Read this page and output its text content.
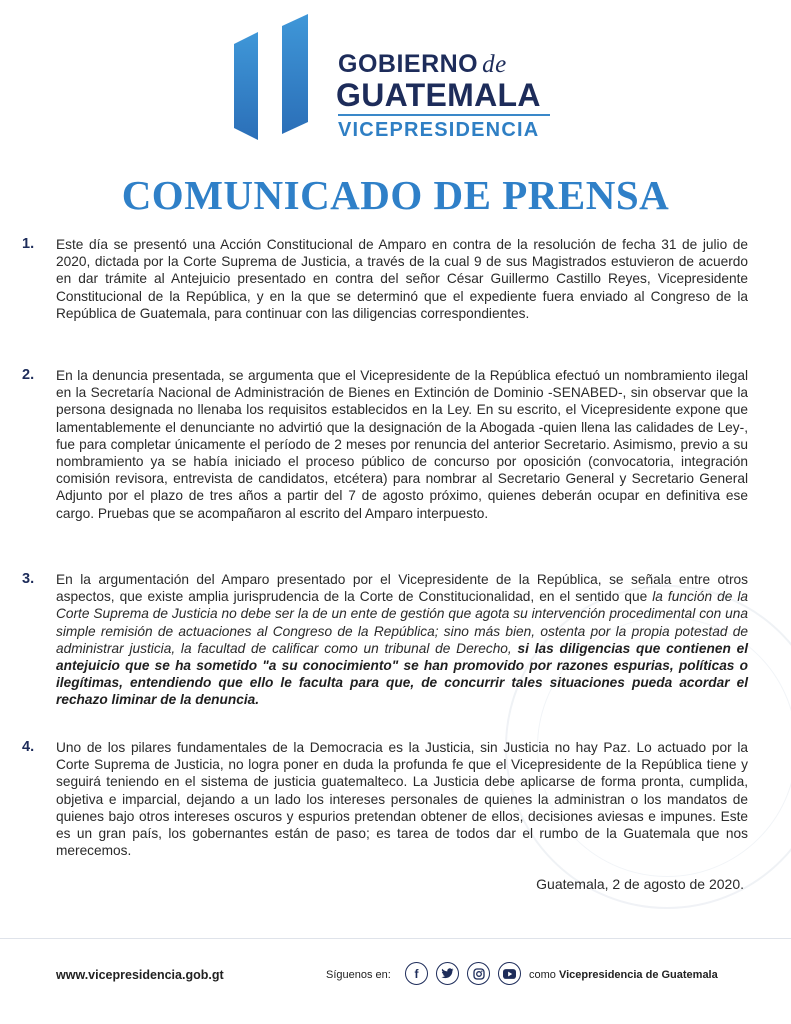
GOBIERNO de
GUATEMALA
VICEPRESIDENCIA
COMUNICADO DE PRENSA
1. Este día se presentó una Acción Constitucional de Amparo en contra de la resolución de fecha 31 de julio de 2020, dictada por la Corte Suprema de Justicia, a través de la cual 9 de sus Magistrados estuvieron de acuerdo en dar trámite al Antejuicio presentado en contra del señor César Guillermo Castillo Reyes, Vicepresidente Constitucional de la República, y en la que se determinó que el expediente fuera enviado al Congreso de la República de Guatemala, para continuar con las diligencias correspondientes.
2. En la denuncia presentada, se argumenta que el Vicepresidente de la República efectuó un nombramiento ilegal en la Secretaría Nacional de Administración de Bienes en Extinción de Dominio -SENABED-, sin observar que la persona designada no llenaba los requisitos establecidos en la Ley. En su escrito, el Vicepresidente expone que lamentablemente el denunciante no advirtió que la designación de la Abogada -quien llena las calidades de Ley-, fue para completar únicamente el período de 2 meses por renuncia del anterior Secretario. Asimismo, previo a su nombramiento ya se había iniciado el proceso público de concurso por oposición (convocatoria, integración comisión revisora, entrevista de candidatos, etcétera) para nombrar al Secretario General y Secretario General Adjunto por el plazo de tres años a partir del 7 de agosto próximo, quienes deberán ocupar en definitiva ese cargo. Pruebas que se acompañaron al escrito del Amparo interpuesto.
3. En la argumentación del Amparo presentado por el Vicepresidente de la República, se señala entre otros aspectos, que existe amplia jurisprudencia de la Corte de Constitucionalidad, en el sentido que la función de la Corte Suprema de Justicia no debe ser la de un ente de gestión que agota su intervención procedimental con una simple remisión de actuaciones al Congreso de la República; sino más bien, ostenta por la propia potestad de administrar justicia, la facultad de calificar como un tribunal de Derecho, si las diligencias que contienen el antejuicio que se ha sometido "a su conocimiento" se han promovido por razones espurias, políticas o ilegítimas, entendiendo que ello le faculta para que, de concurrir tales situaciones pueda acordar el rechazo liminar de la denuncia.
4. Uno de los pilares fundamentales de la Democracia es la Justicia, sin Justicia no hay Paz. Lo actuado por la Corte Suprema de Justicia, no logra poner en duda la profunda fe que el Vicepresidente de la República tiene y seguirá teniendo en el sistema de justicia guatemalteco. La Justicia debe aplicarse de forma pronta, cumplida, objetiva e imparcial, dejando a un lado los intereses personales de quienes la administran o los mandatos de quienes bajo otros intereses oscuros y espurios pretendan obtener de ellos, decisiones aviesas e impunes. Este es un gran país, los gobernantes están de paso; es tarea de todos dar el rumbo de la Guatemala que nos merecemos.
Guatemala, 2 de agosto de 2020.
www.vicepresidencia.gob.gt	Síguenos en:	f	como Vicepresidencia de Guatemala
